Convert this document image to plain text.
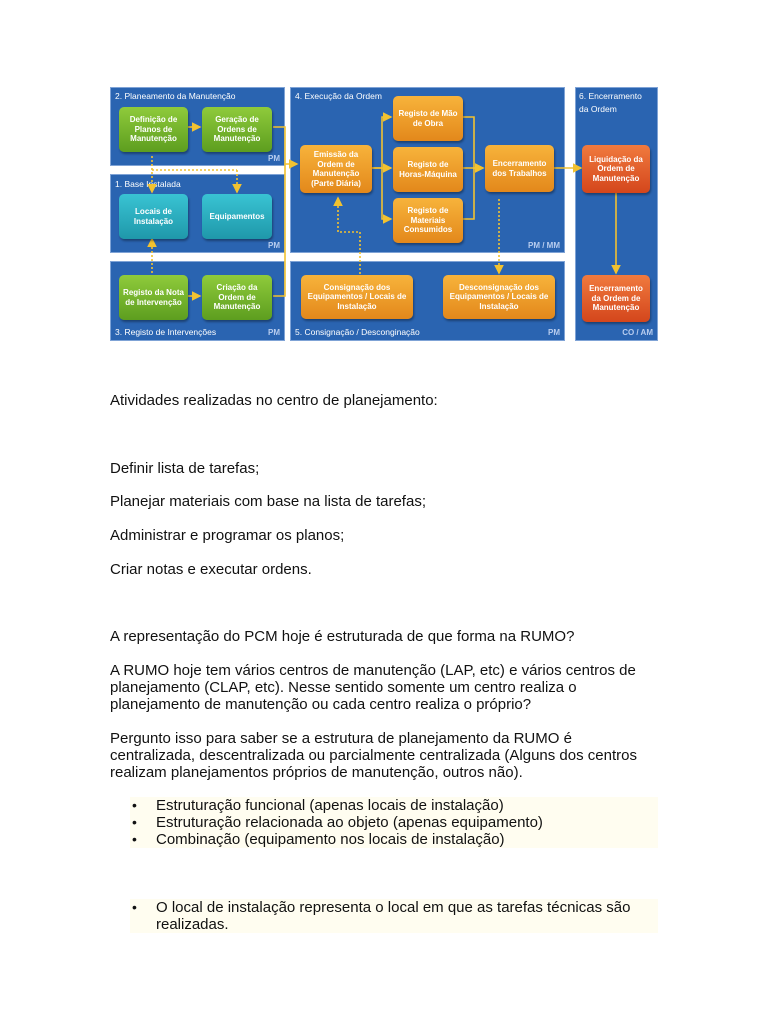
2. Planeamento da Manutenção
PM
1. Base Instalada
PM
3. Registo de Intervenções	PM
4. Execução da Ordem
PM / MM
5. Consignação / Desconginação	PM
6. Encerramento
da Ordem
CO / AM
Definição de Planos de Manutenção
Geração de Ordens de Manutenção
Locais de Instalação
Equipamentos
Registo da Nota de Intervenção
Criação da Ordem de Manutenção
Emissão da Ordem de Manutenção (Parte Diária)
Registo de Mão de Obra
Registo de Horas-Máquina
Registo de Materiais Consumidos
Encerramento dos Trabalhos
Consignação dos Equipamentos / Locais de Instalação
Desconsignação dos Equipamentos / Locais de Instalação
Liquidação da Ordem de Manutenção
Encerramento da Ordem de Manutenção

Atividades realizadas no centro de planejamento:

Definir lista de tarefas;

Planejar materiais com base na lista de tarefas;

Administrar e programar os planos;

Criar notas e executar ordens.

A representação do PCM hoje é estruturada de que forma na RUMO?

A RUMO hoje tem vários centros de manutenção (LAP, etc) e vários centros de planejamento (CLAP, etc). Nesse sentido somente um centro realiza o planejamento de manutenção ou cada centro realiza o próprio?

Pergunto isso para saber se a estrutura de planejamento da RUMO é centralizada, descentralizada ou parcialmente centralizada (Alguns dos centros realizam planejamentos próprios de manutenção, outros não).

• Estruturação funcional (apenas locais de instalação)
• Estruturação relacionada ao objeto (apenas equipamento)
• Combinação (equipamento nos locais de instalação)
• O local de instalação representa o local em que as tarefas técnicas são realizadas.
